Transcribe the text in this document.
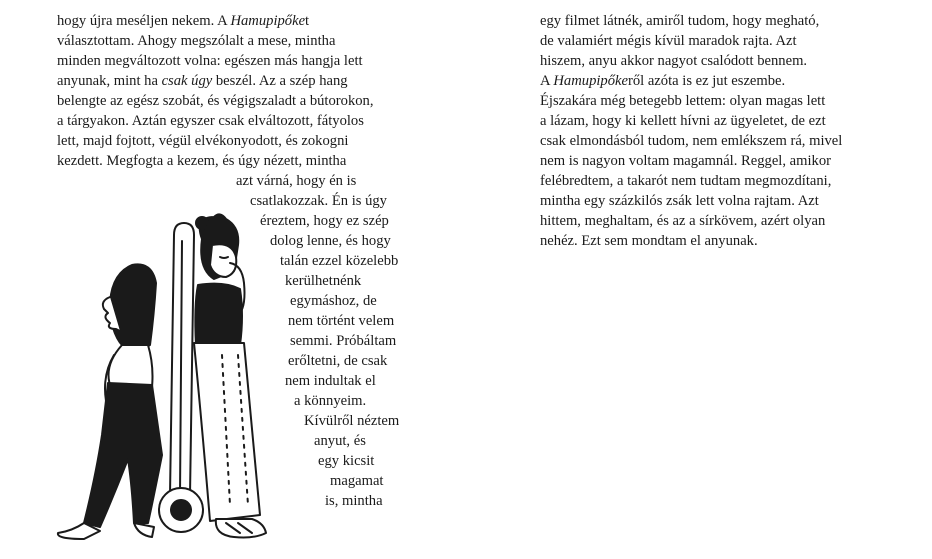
hogy újra meséljen nekem. A Hamupipőket

választottam. Ahogy megszólalt a mese, mintha

minden megváltozott volna: egészen más hangja lett

anyunak, mint ha csak úgy beszél. Az a szép hang

belengte az egész szobát, és végigszaladt a bútorokon,

a tárgyakon. Aztán egyszer csak elváltozott, fátyolos

lett, majd fojtott, végül elvékonyodott, és zokogni

kezdett. Megfogta a kezem, és úgy nézett, mintha

azt várná, hogy én is

csatlakozzak. Én is úgy

éreztem, hogy ez szép

dolog lenne, és hogy

talán ezzel közelebb

kerülhetnénk

egymáshoz, de

nem történt velem

semmi. Próbáltam

erőltetni, de csak

nem indultak el

a könnyeim.

Kívülről néztem

anyut, és

egy kicsit

magamat

is, mintha

egy filmet látnék, amiről tudom, hogy megható,

de valamiért mégis kívül maradok rajta. Azt

hiszem, anyu akkor nagyot csalódott bennem.

A Hamupipőkeről azóta is ez jut eszembe.

Éjszakára még betegebb lettem: olyan magas lett

a lázam, hogy ki kellett hívni az ügyeletet, de ezt

csak elmondásból tudom, nem emlékszem rá, mivel

nem is nagyon voltam magamnál. Reggel, amikor

felébredtem, a takarót nem tudtam megmozdítani,

mintha egy százkilós zsák lett volna rajtam. Azt

hittem, meghaltam, és az a sírkövem, azért olyan

nehéz. Ezt sem mondtam el anyunak.
